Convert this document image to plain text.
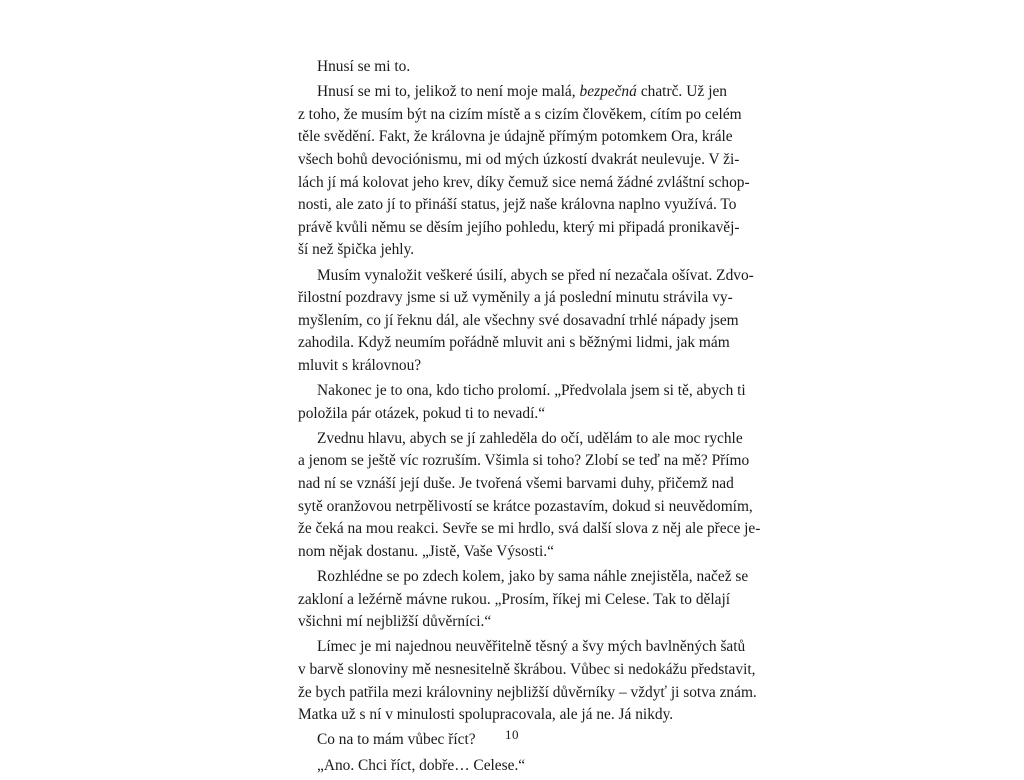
Hnusí se mi to.
Hnusí se mi to, jelikož to není moje malá, bezpečná chatrč. Už jen
z toho, že musím být na cizím místě a s cizím člověkem, cítím po celém
těle svědění. Fakt, že královna je údajně přímým potomkem Ora, krále
všech bohů devociónismu, mi od mých úzkostí dvakrát neulevuje. V ži-
lách jí má kolovat jeho krev, díky čemuž sice nemá žádné zvláštní schop-
nosti, ale zato jí to přináší status, jejž naše královna naplno využívá. To
právě kvůli němu se děsím jejího pohledu, který mi připadá pronikavěj-
ší než špička jehly.
Musím vynaložit veškeré úsilí, abych se před ní nezačala ošívat. Zdvo-
řilostní pozdravy jsme si už vyměnily a já poslední minutu strávila vy-
myšlením, co jí řeknu dál, ale všechny své dosavadní trhlé nápady jsem
zahodila. Když neumím pořádně mluvit ani s běžnými lidmi, jak mám
mluvit s královnou?
Nakonec je to ona, kdo ticho prolomí. „Předvolala jsem si tě, abych ti
položila pár otázek, pokud ti to nevadí.“
Zvednu hlavu, abych se jí zahleděla do očí, udělám to ale moc rychle
a jenom se ještě víc rozruším. Všimla si toho? Zlobí se teď na mě? Přímo
nad ní se vznáší její duše. Je tvořená všemi barvami duhy, přičemž nad
sytě oranžovou netrpělivostí se krátce pozastavím, dokud si neuvědomím,
že čeká na mou reakci. Sevře se mi hrdlo, svá další slova z něj ale přece je-
nom nějak dostanu. „Jistě, Vaše Výsosti.“
Rozhlédne se po zdech kolem, jako by sama náhle znejistěla, načež se
zakloní a ležérně mávne rukou. „Prosím, říkej mi Celese. Tak to dělají
všichni mí nejbližší důvěrníci.“
Límec je mi najednou neuvěřitelně těsný a švy mých bavlněných šatů
v barvě slonoviny mě nesnesitelně škrábou. Vůbec si nedokážu představit,
že bych patřila mezi královniny nejbližší důvěrníky – vždyť ji sotva znám.
Matka už s ní v minulosti spolupracovala, ale já ne. Já nikdy.
Co na to mám vůbec říct?
„Ano. Chci říct, dobře… Celese.“
10
